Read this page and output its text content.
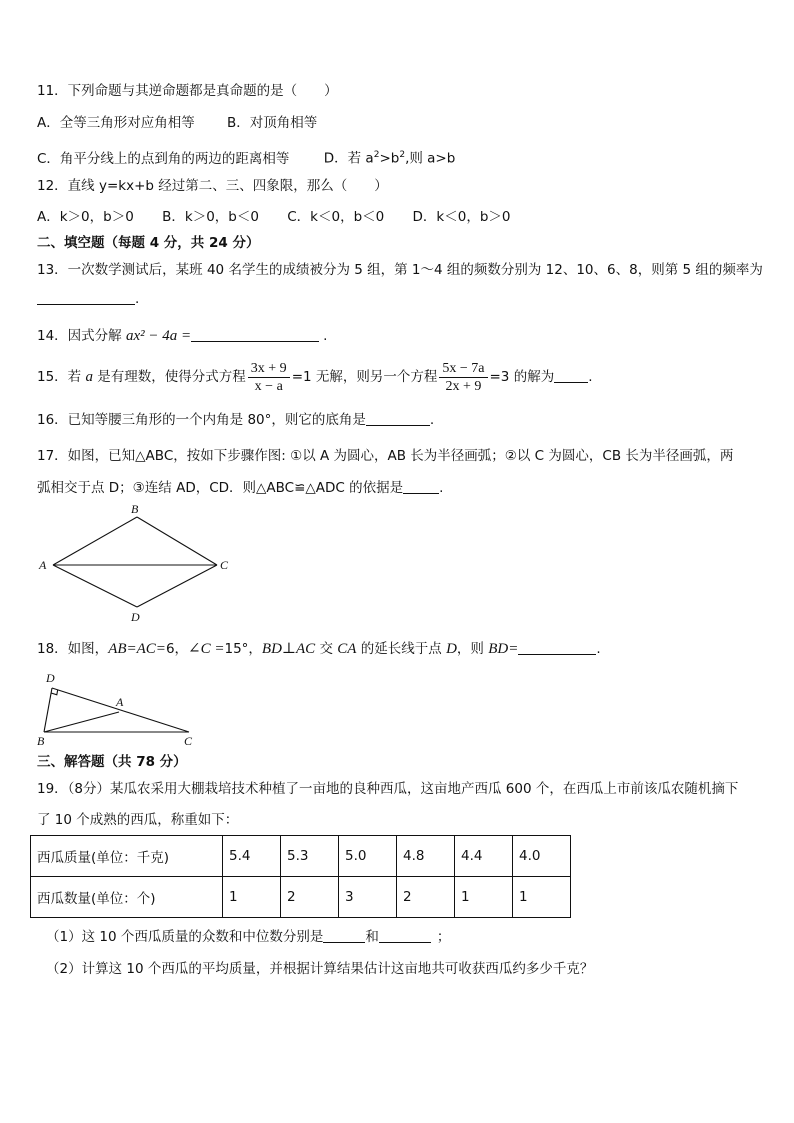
11．下列命题与其逆命题都是真命题的是（　　）
A．全等三角形对应角相等 B．对顶角相等
C．角平分线上的点到角的两边的距离相等	D．若 $a^2>b^2$,则 a>b
12．直线 y=kx+b 经过第二、三、四象限，那么（　　）
A．k＞0，b＞0 B．k＞0，b＜0 C．k＜0，b＜0 D．k＜0，b＞0
二、填空题（每题 4 分，共 24 分）
13．一次数学测试后，某班 40 名学生的成绩被分为 5 组，第 1～4 组的频数分别为 12、10、6、8，则第 5 组的频率为
.
14．因式分解 ax² − 4a =	.
15．若 a 是有理数，使得分式方程 $\frac{3x + 9}{x - a} =1$ 无解，则另一个方程 $\frac{5x - 7a}{2x + 9} =3$ 的解为	.
16．已知等腰三角形的一个内角是 80°，则它的底角是	.
17．如图，已知△ABC，按如下步骤作图: ①以 A 为圆心，AB 长为半径画弧；②以 C 为圆心，CB 长为半径画弧，两
弧相交于点 D；③连结 AD，CD．则△ABC≌△ADC 的依据是	.
A
B
C
D
18．如图，AB=AC=6，∠C =15°，BD⊥AC 交 CA 的延长线于点 D，则 BD=	.
D
A
B	C
三、解答题（共 78 分）
19．（8分）某瓜农采用大棚栽培技术种植了一亩地的良种西瓜，这亩地产西瓜 600 个，在西瓜上市前该瓜农随机摘下
了 10 个成熟的西瓜，称重如下：
西瓜质量(单位：千克)	5.4	5.3	5.0	4.8	4.4	4.0
西瓜数量(单位：个)	1	2	3	2	1	1
（1）这 10 个西瓜质量的众数和中位数分别是	和	；
（2）计算这 10 个西瓜的平均质量，并根据计算结果估计这亩地共可收获西瓜约多少千克？
